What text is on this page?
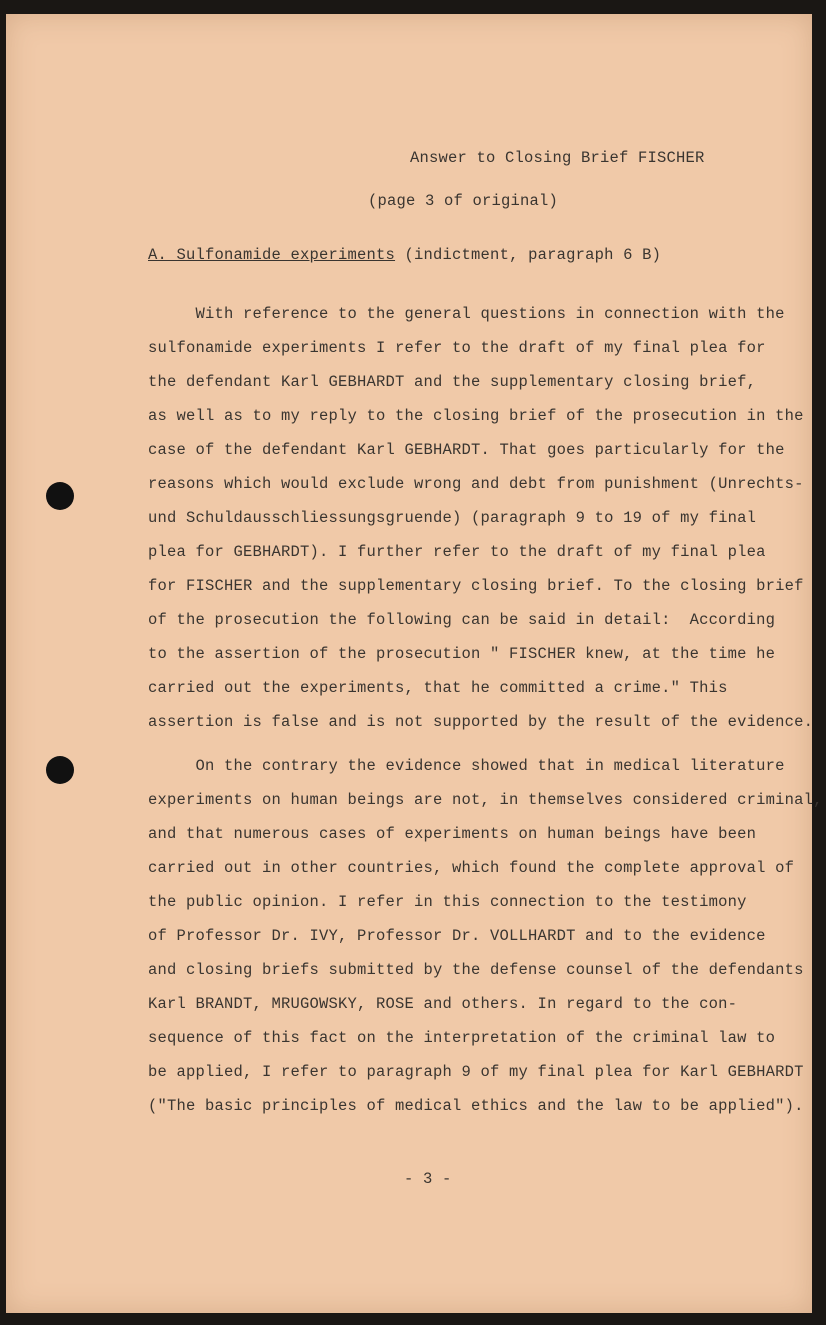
Answer to Closing Brief FISCHER
(page 3 of original)
A. Sulfonamide experiments (indictment, paragraph 6 B)
With reference to the general questions in connection with the
sulfonamide experiments I refer to the draft of my final plea for
the defendant Karl GEBHARDT and the supplementary closing brief,
as well as to my reply to the closing brief of the prosecution in the
case of the defendant Karl GEBHARDT. That goes particularly for the
reasons which would exclude wrong and debt from punishment (Unrechts-
und Schuldausschliessungsgruende) (paragraph 9 to 19 of my final
plea for GEBHARDT). I further refer to the draft of my final plea
for FISCHER and the supplementary closing brief. To the closing brief
of the prosecution the following can be said in detail:  According
to the assertion of the prosecution " FISCHER knew, at the time he
carried out the experiments, that he committed a crime." This
assertion is false and is not supported by the result of the evidence.
On the contrary the evidence showed that in medical literature
experiments on human beings are not, in themselves considered criminal,
and that numerous cases of experiments on human beings have been
carried out in other countries, which found the complete approval of
the public opinion. I refer in this connection to the testimony
of Professor Dr. IVY, Professor Dr. VOLLHARDT and to the evidence
and closing briefs submitted by the defense counsel of the defendants
Karl BRANDT, MRUGOWSKY, ROSE and others. In regard to the con-
sequence of this fact on the interpretation of the criminal law to
be applied, I refer to paragraph 9 of my final plea for Karl GEBHARDT
("The basic principles of medical ethics and the law to be applied").
- 3 -
